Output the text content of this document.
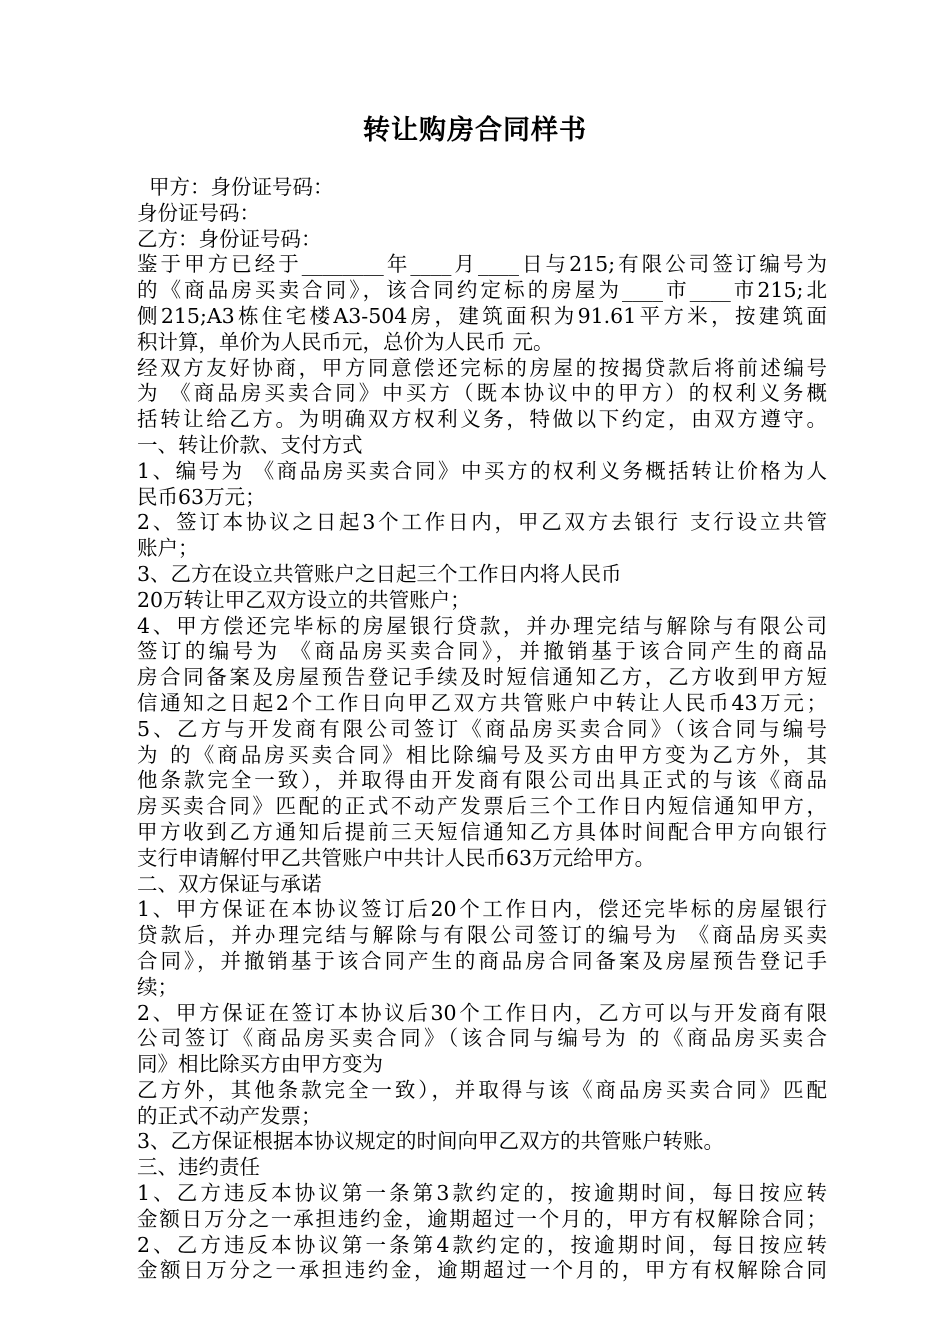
转让购房合同样书
甲方：身份证号码：
身份证号码：
乙方：身份证号码：
鉴于甲方已经于________年____月____日与215;有限公司签订编号为
的《商品房买卖合同》，该合同约定标的房屋为____市____市215;北
侧215;A3栋住宅楼A3-504房，建筑面积为91.61平方米，按建筑面
积计算，单价为人民币元，总价为人民币 元。
经双方友好协商，甲方同意偿还完标的房屋的按揭贷款后将前述编号
为 《商品房买卖合同》中买方（既本协议中的甲方）的权利义务概
括转让给乙方。为明确双方权利义务，特做以下约定，由双方遵守。
一、转让价款、支付方式
1、编号为 《商品房买卖合同》中买方的权利义务概括转让价格为人
民币63万元；
2、签订本协议之日起3个工作日内，甲乙双方去银行 支行设立共管
账户；
3、乙方在设立共管账户之日起三个工作日内将人民币
20万转让甲乙双方设立的共管账户；
4、甲方偿还完毕标的房屋银行贷款，并办理完结与解除与有限公司
签订的编号为 《商品房买卖合同》，并撤销基于该合同产生的商品
房合同备案及房屋预告登记手续及时短信通知乙方，乙方收到甲方短
信通知之日起2个工作日向甲乙双方共管账户中转让人民币43万元；
5、乙方与开发商有限公司签订《商品房买卖合同》（该合同与编号
为 的《商品房买卖合同》相比除编号及买方由甲方变为乙方外，其
他条款完全一致），并取得由开发商有限公司出具正式的与该《商品
房买卖合同》匹配的正式不动产发票后三个工作日内短信通知甲方，
甲方收到乙方通知后提前三天短信通知乙方具体时间配合甲方向银行
支行申请解付甲乙共管账户中共计人民币63万元给甲方。
二、双方保证与承诺
1、甲方保证在本协议签订后20个工作日内，偿还完毕标的房屋银行
贷款后，并办理完结与解除与有限公司签订的编号为 《商品房买卖
合同》，并撤销基于该合同产生的商品房合同备案及房屋预告登记手
续；
2、甲方保证在签订本协议后30个工作日内，乙方可以与开发商有限
公司签订《商品房买卖合同》（该合同与编号为 的《商品房买卖合
同》相比除买方由甲方变为
乙方外，其他条款完全一致），并取得与该《商品房买卖合同》匹配
的正式不动产发票；
3、乙方保证根据本协议规定的时间向甲乙双方的共管账户转账。
三、违约责任
1、乙方违反本协议第一条第3款约定的，按逾期时间，每日按应转
金额日万分之一承担违约金，逾期超过一个月的，甲方有权解除合同；
2、乙方违反本协议第一条第4款约定的，按逾期时间，每日按应转
金额日万分之一承担违约金，逾期超过一个月的，甲方有权解除合同
